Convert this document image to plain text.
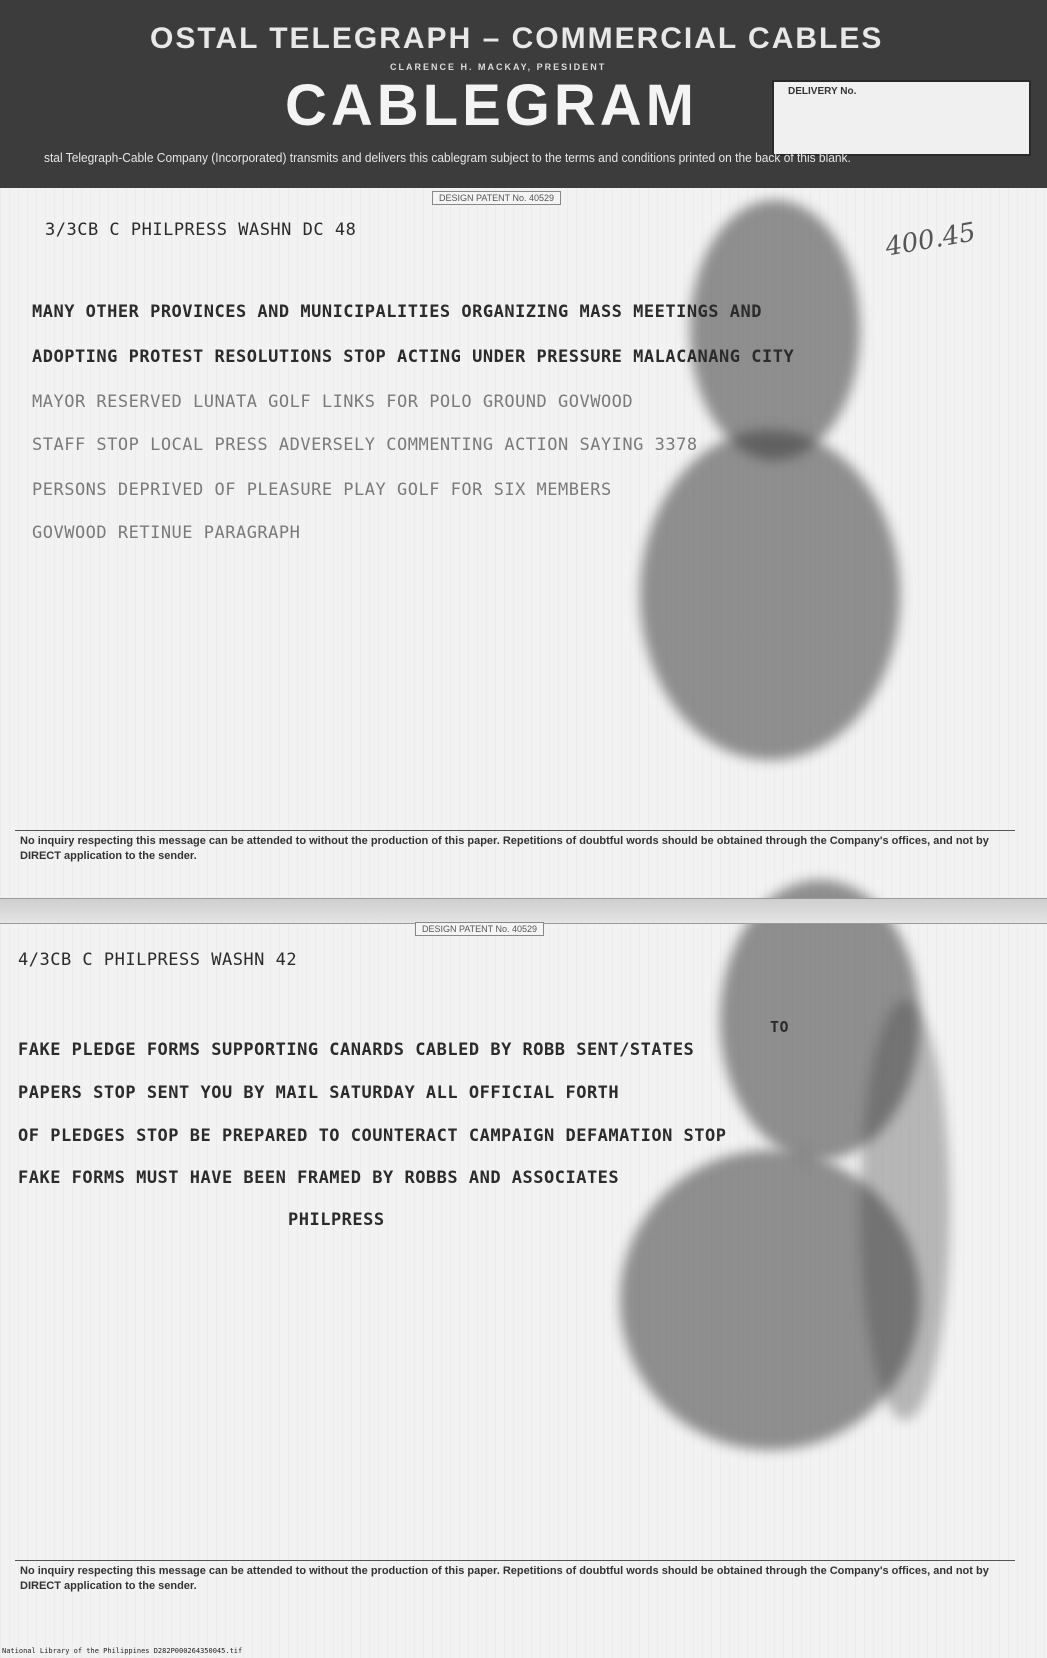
OSTAL TELEGRAPH – COMMERCIAL CABLES
CLARENCE H. MACKAY, PRESIDENT
CABLEGRAM	DELIVERY No.
stal Telegraph-Cable Company (Incorporated) transmits and delivers this cablegram subject to the terms and conditions printed on the back of this blank.
DESIGN PATENT No. 40529
3/3CB C PHILPRESS WASHN DC 48	400.45
MANY OTHER PROVINCES AND MUNICIPALITIES ORGANIZING MASS MEETINGS AND
ADOPTING PROTEST RESOLUTIONS STOP ACTING UNDER PRESSURE MALACANANG CITY
MAYOR RESERVED LUNATA GOLF LINKS FOR POLO GROUND GOVWOOD
STAFF STOP LOCAL PRESS ADVERSELY COMMENTING ACTION SAYING 3378
PERSONS DEPRIVED OF PLEASURE PLAY GOLF FOR SIX MEMBERS
GOVWOOD RETINUE PARAGRAPH
No inquiry respecting this message can be attended to without the production of this paper. Repetitions of doubtful words should be obtained through the Company's offices, and not by DIRECT application to the sender.
DESIGN PATENT No. 40529
4/3CB C PHILPRESS WASHN 42
TO
FAKE PLEDGE FORMS SUPPORTING CANARDS CABLED BY ROBB SENT/STATES
PAPERS STOP SENT YOU BY MAIL SATURDAY ALL OFFICIAL FORTH
OF PLEDGES STOP BE PREPARED TO COUNTERACT CAMPAIGN DEFAMATION STOP
FAKE FORMS MUST HAVE BEEN FRAMED BY ROBBS AND ASSOCIATES
PHILPRESS
No inquiry respecting this message can be attended to without the production of this paper. Repetitions of doubtful words should be obtained through the Company's offices, and not by DIRECT application to the sender.
National Library of the Philippines D282P000264350045.tif
